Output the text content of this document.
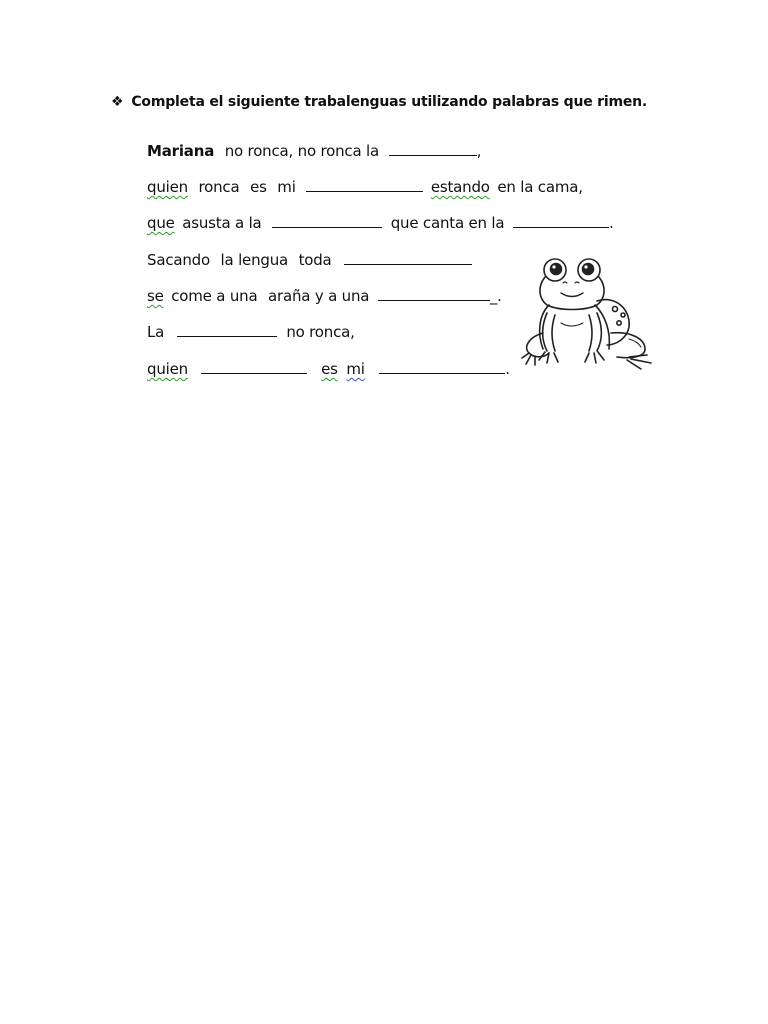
❖ Completa el siguiente trabalenguas utilizando palabras que rimen.
Mariana no ronca, no ronca la	,
quien ronca es mi	estando en la cama,
que asusta a la	que canta en la	.
Sacando la lengua toda
se come a una araña y a una	_.
La	no ronca,
quien	es mi	.
